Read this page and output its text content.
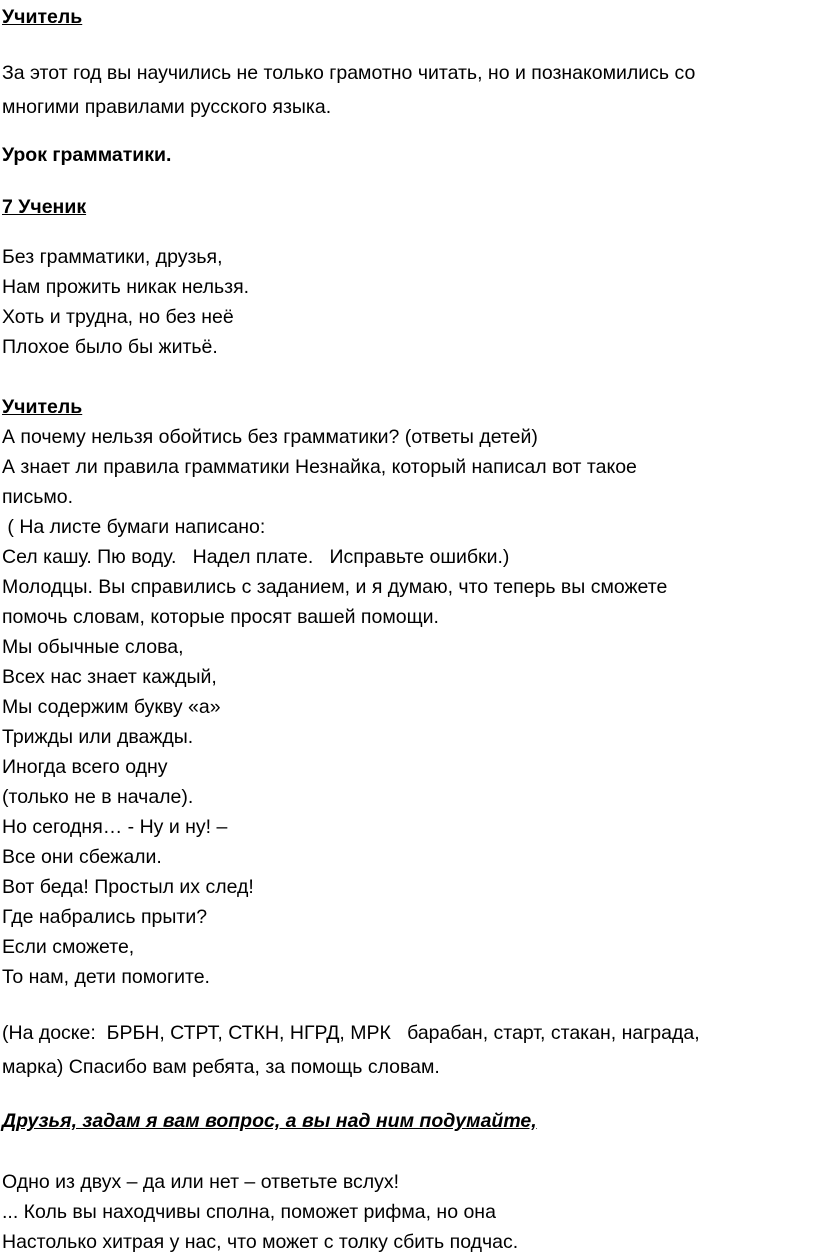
Учитель
За этот год вы научились не только грамотно читать, но и познакомились со
многими правилами русского языка.
Урок грамматики.
7 Ученик
Без грамматики, друзья,
Нам прожить никак нельзя.
Хоть и трудна, но без неё
Плохое было бы житьё.
Учитель
А почему нельзя обойтись без грамматики? (ответы детей)
А знает ли правила грамматики Незнайка, который написал вот такое
письмо.
( На листе бумаги написано:
Сел кашу. Пю воду.   Надел плате.   Исправьте ошибки.)
Молодцы. Вы справились с заданием, и я думаю, что теперь вы сможете
помочь словам, которые просят вашей помощи.
Мы обычные слова,
Всех нас знает каждый,
Мы содержим букву «а»
Трижды или дважды.
Иногда всего одну
(только не в начале).
Но сегодня… - Ну и ну! –
Все они сбежали.
Вот беда! Простыл их след!
Где набрались прыти?
Если сможете,
То нам, дети помогите.
(На доске:  БРБН, СТРТ, СТКН, НГРД, МРК   барабан, старт, стакан, награда,
марка) Спасибо вам ребята, за помощь словам.
Друзья, задам я вам вопрос, а вы над ним подумайте,
Одно из двух – да или нет – ответьте вслух!
... Коль вы находчивы сполна, поможет рифма, но она
Настолько хитрая у нас, что может с толку сбить подчас.
